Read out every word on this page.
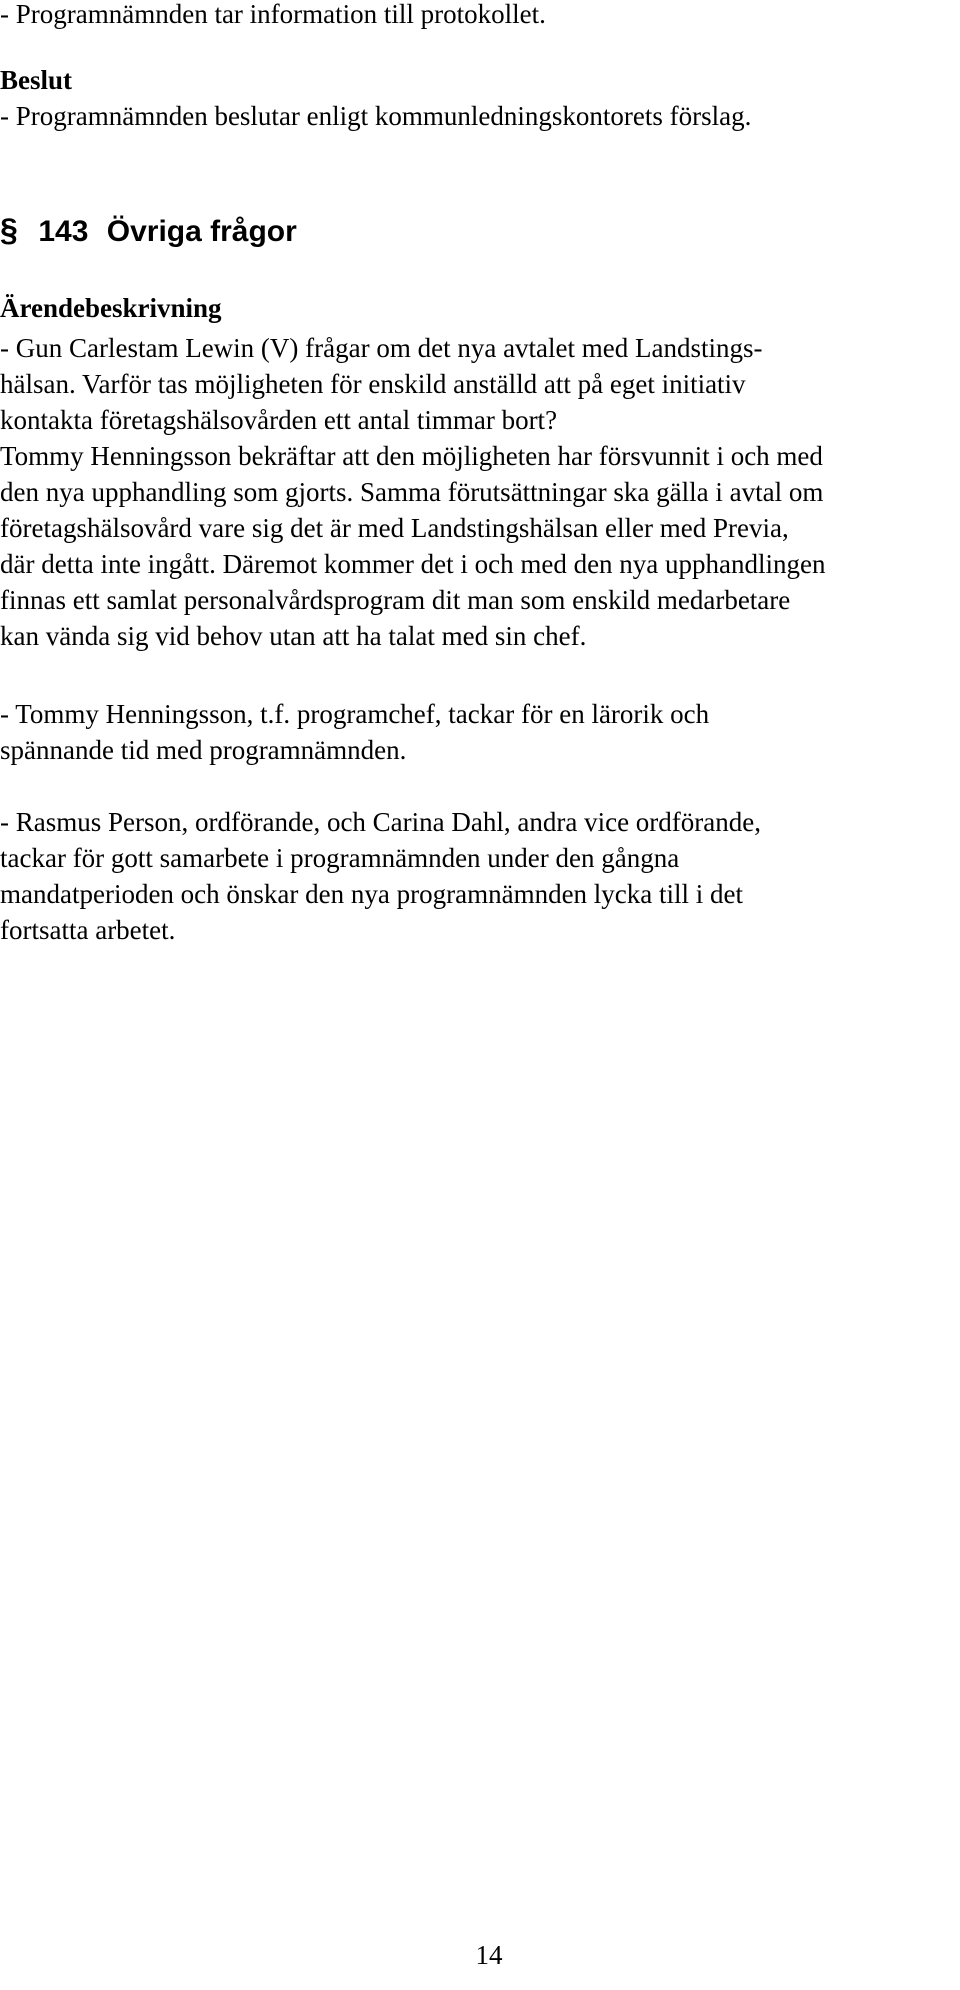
- Programnämnden tar information till protokollet.

Beslut

- Programnämnden beslutar enligt kommunledningskontorets förslag.

§ 143 Övriga frågor

Ärendebeskrivning

- Gun Carlestam Lewin (V) frågar om det nya avtalet med Landstings-

hälsan. Varför tas möjligheten för enskild anställd att på eget initiativ

kontakta företagshälsovården ett antal timmar bort?

Tommy Henningsson bekräftar att den möjligheten har försvunnit i och med

den nya upphandling som gjorts. Samma förutsättningar ska gälla i avtal om

företagshälsovård vare sig det är med Landstingshälsan eller med Previa,

där detta inte ingått. Däremot kommer det i och med den nya upphandlingen

finnas ett samlat personalvårdsprogram dit man som enskild medarbetare

kan vända sig vid behov utan att ha talat med sin chef.

- Tommy Henningsson, t.f. programchef, tackar för en lärorik och

spännande tid med programnämnden.

- Rasmus Person, ordförande, och Carina Dahl, andra vice ordförande,

tackar för gott samarbete i programnämnden under den gångna

mandatperioden och önskar den nya programnämnden lycka till i det

fortsatta arbetet.

14
